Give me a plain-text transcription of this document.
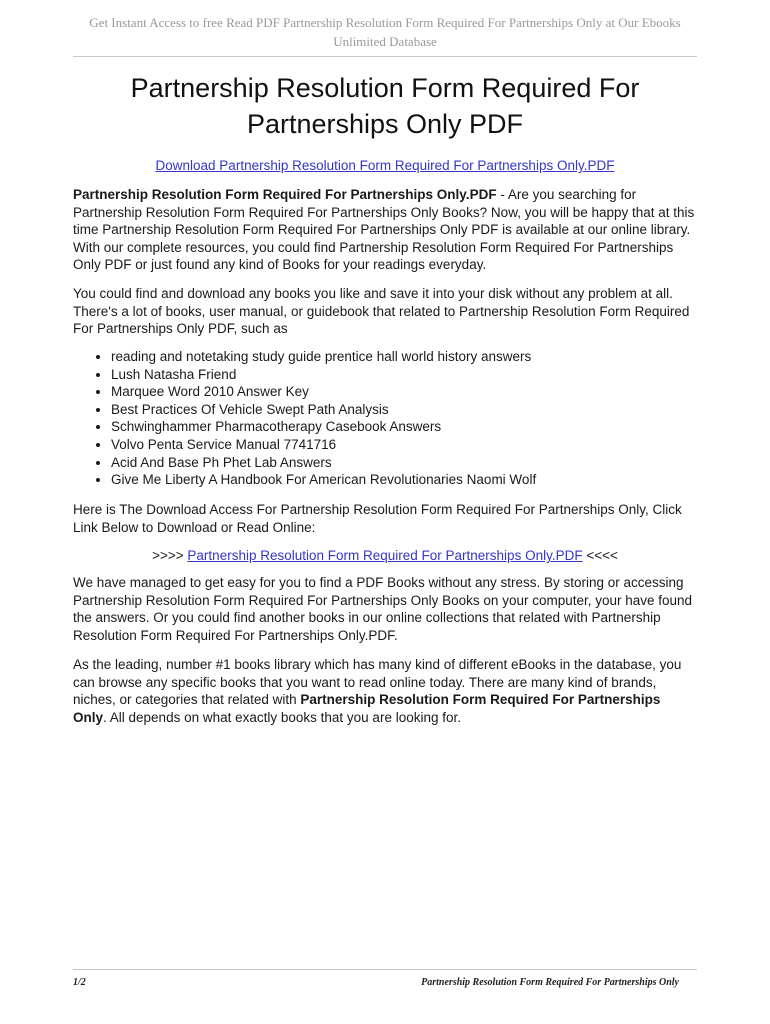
Get Instant Access to free Read PDF Partnership Resolution Form Required For Partnerships Only at Our Ebooks Unlimited Database
Partnership Resolution Form Required For
Partnerships Only PDF
Download Partnership Resolution Form Required For Partnerships Only.PDF

Partnership Resolution Form Required For Partnerships Only.PDF - Are you searching for Partnership Resolution Form Required For Partnerships Only Books? Now, you will be happy that at this time Partnership Resolution Form Required For Partnerships Only PDF is available at our online library. With our complete resources, you could find Partnership Resolution Form Required For Partnerships Only PDF or just found any kind of Books for your readings everyday.

You could find and download any books you like and save it into your disk without any problem at all. There's a lot of books, user manual, or guidebook that related to Partnership Resolution Form Required For Partnerships Only PDF, such as

• reading and notetaking study guide prentice hall world history answers
• Lush Natasha Friend
• Marquee Word 2010 Answer Key
• Best Practices Of Vehicle Swept Path Analysis
• Schwinghammer Pharmacotherapy Casebook Answers
• Volvo Penta Service Manual 7741716
• Acid And Base Ph Phet Lab Answers
• Give Me Liberty A Handbook For American Revolutionaries Naomi Wolf

Here is The Download Access For Partnership Resolution Form Required For Partnerships Only, Click Link Below to Download or Read Online:

>>>> Partnership Resolution Form Required For Partnerships Only.PDF <<<<

We have managed to get easy for you to find a PDF Books without any stress. By storing or accessing Partnership Resolution Form Required For Partnerships Only Books on your computer, your have found the answers. Or you could find another books in our online collections that related with Partnership Resolution Form Required For Partnerships Only.PDF.

As the leading, number #1 books library which has many kind of different eBooks in the database, you can browse any specific books that you want to read online today. There are many kind of brands, niches, or categories that related with Partnership Resolution Form Required For Partnerships Only. All depends on what exactly books that you are looking for.

1/2	Partnership Resolution Form Required For Partnerships Only
